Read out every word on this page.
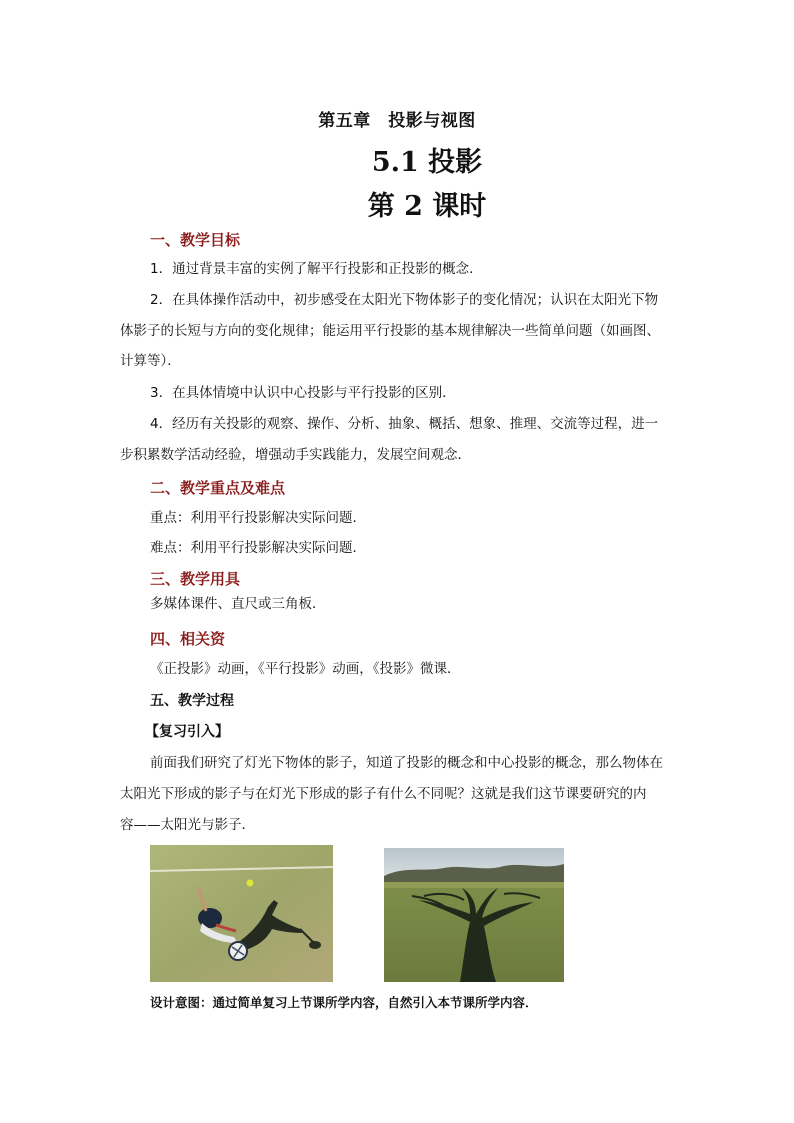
第五章　投影与视图
5.1 投影
第 2 课时
一、教学目标
1．通过背景丰富的实例了解平行投影和正投影的概念．
2．在具体操作活动中，初步感受在太阳光下物体影子的变化情况；认识在太阳光下物
体影子的长短与方向的变化规律；能运用平行投影的基本规律解决一些简单问题（如画图、
计算等）．
3．在具体情境中认识中心投影与平行投影的区别．
4．经历有关投影的观察、操作、分析、抽象、概括、想象、推理、交流等过程，进一
步积累数学活动经验，增强动手实践能力，发展空间观念．
二、教学重点及难点
重点：利用平行投影解决实际问题．
难点：利用平行投影解决实际问题．
三、教学用具
多媒体课件、直尺或三角板．
四、相关资
《正投影》动画，《平行投影》动画，《投影》微课．
五、教学过程
【复习引入】
前面我们研究了灯光下物体的影子，知道了投影的概念和中心投影的概念，那么物体在
太阳光下形成的影子与在灯光下形成的影子有什么不同呢？这就是我们这节课要研究的内
容——太阳光与影子．
设计意图：通过简单复习上节课所学内容，自然引入本节课所学内容．
